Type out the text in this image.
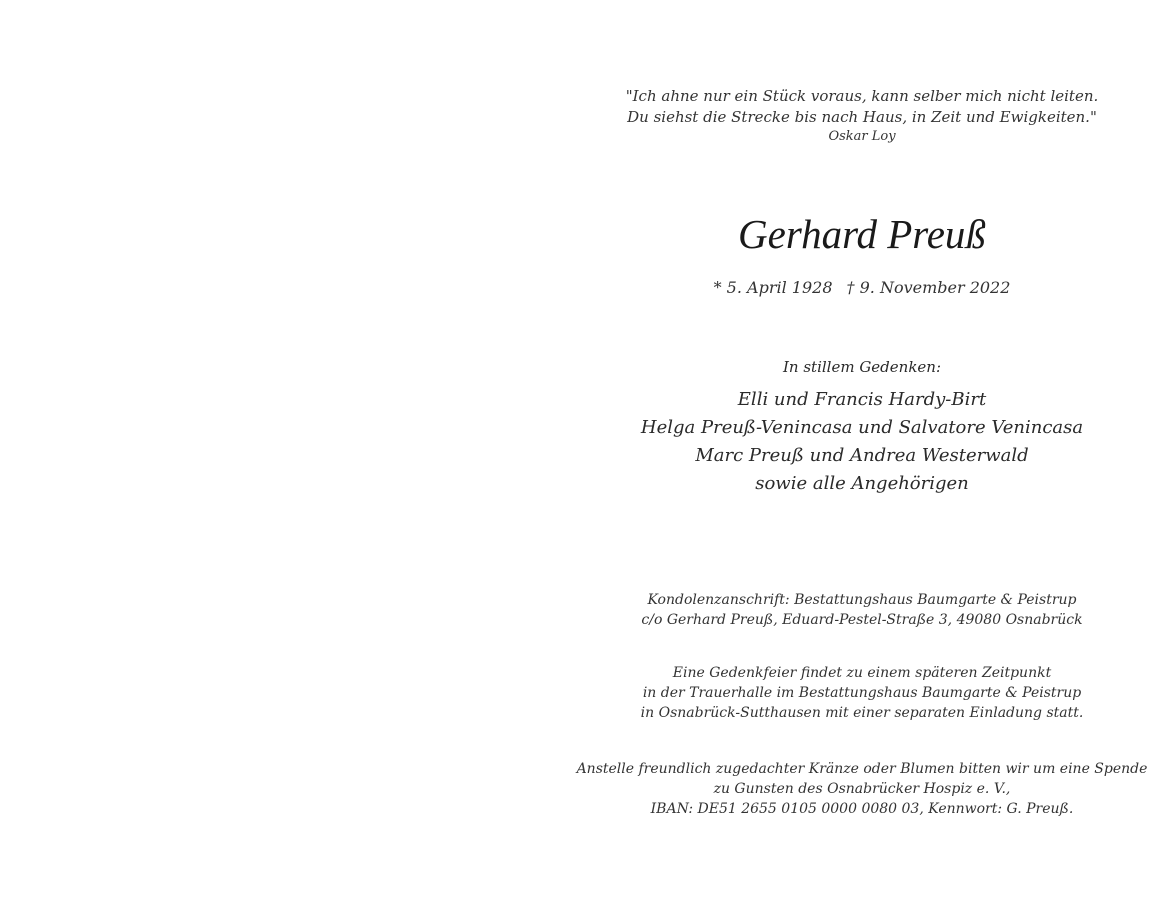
"Ich ahne nur ein Stück voraus, kann selber mich nicht leiten.
Du siehst die Strecke bis nach Haus, in Zeit und Ewigkeiten."
Oskar Loy
Gerhard Preuß
* 5. April 1928 † 9. November 2022
In stillem Gedenken:
Elli und Francis Hardy-Birt
Helga Preuß-Venincasa und Salvatore Venincasa
Marc Preuß und Andrea Westerwald
sowie alle Angehörigen
Kondolenzanschrift: Bestattungshaus Baumgarte & Peistrup
c/o Gerhard Preuß, Eduard-Pestel-Straße 3, 49080 Osnabrück
Eine Gedenkfeier findet zu einem späteren Zeitpunkt
in der Trauerhalle im Bestattungshaus Baumgarte & Peistrup
in Osnabrück-Sutthausen mit einer separaten Einladung statt.
Anstelle freundlich zugedachter Kränze oder Blumen bitten wir um eine Spende
zu Gunsten des Osnabrücker Hospiz e. V.,
IBAN: DE51 2655 0105 0000 0080 03, Kennwort: G. Preuß.
